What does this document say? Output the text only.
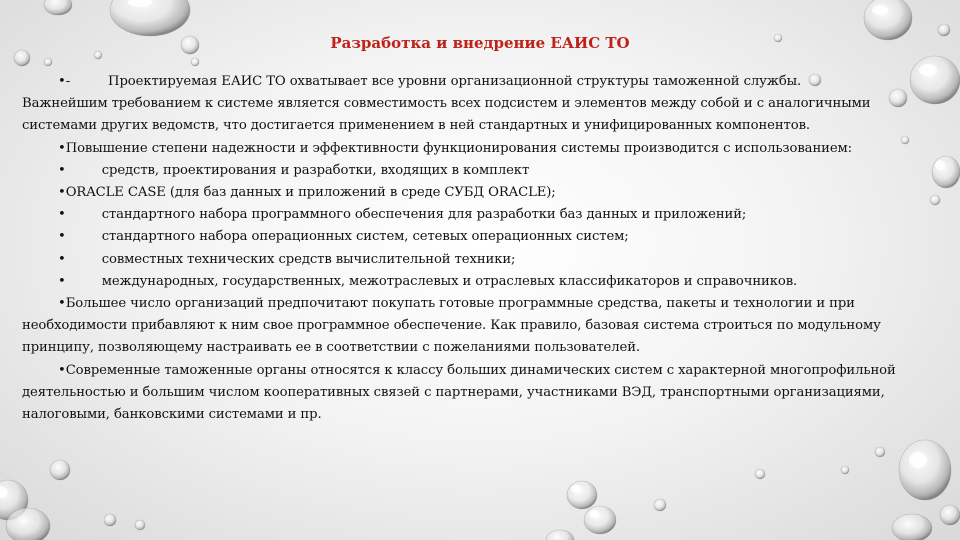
Разработка и внедрение ЕАИС ТО

•-	Проектируемая ЕАИС ТО охватывает все уровни организационной структуры таможенной службы.

Важнейшим требованием к системе является совместимость всех подсистем и элементов между собой и с аналогичными системами других ведомств, что достигается применением в ней стандартных и унифицированных компонентов.

•Повышение степени надежности и эффективности функционирования системы производится с использованием:

•	средств, проектирования и разработки, входящих в комплект

•ORACLE CASE (для баз данных и приложений в среде СУБД ORACLE);

•	стандартного набора программного обеспечения для разработки баз данных и приложений;

•	стандартного набора операционных систем, сетевых операционных систем;

•	совместных технических средств вычислительной техники;

•	международных, государственных, межотраслевых и отраслевых классификаторов и справочников.

•Большее число организаций предпочитают покупать готовые программные средства, пакеты и технологии и при необходимости прибавляют к ним свое программное обеспечение. Как правило, базовая система строиться по модульному принципу, позволяющему настраивать ее в соответствии с пожеланиями пользователей.

•Современные таможенные органы относятся к классу больших динамических систем с характерной многопрофильной деятельностью и большим числом кооперативных связей с партнерами, участниками ВЭД, транспортными организациями, налоговыми, банковскими системами и пр.
